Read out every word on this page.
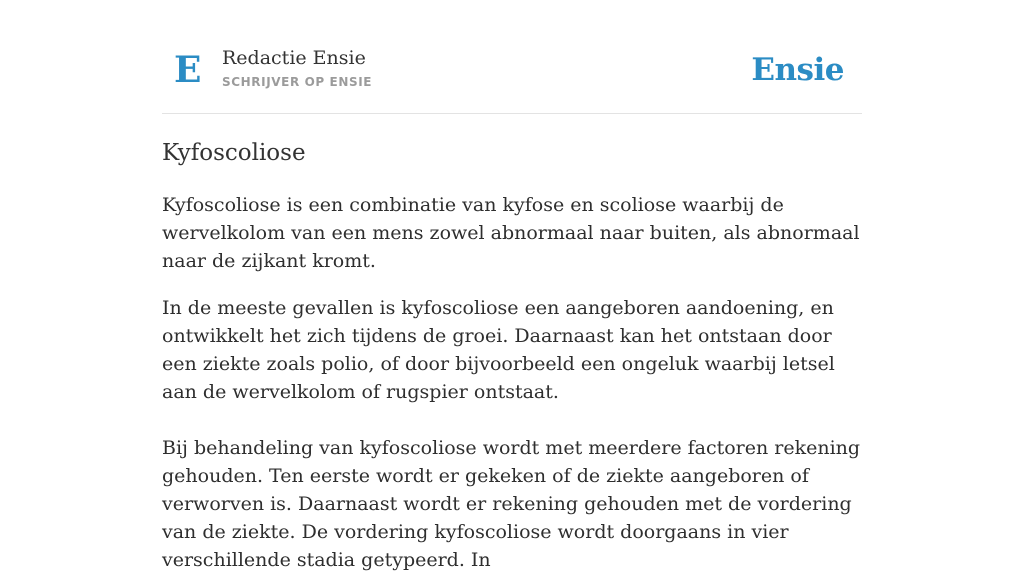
E Redactie Ensie
SCHRIJVER OP ENSIE	Ensie
Kyfoscoliose

Kyfoscoliose is een combinatie van kyfose en scoliose waarbij de wervelkolom van een mens zowel abnormaal naar buiten, als abnormaal naar de zijkant kromt.

In de meeste gevallen is kyfoscoliose een aangeboren aandoening, en ontwikkelt het zich tijdens de groei. Daarnaast kan het ontstaan door een ziekte zoals polio, of door bijvoorbeeld een ongeluk waarbij letsel aan de wervelkolom of rugspier ontstaat.

Bij behandeling van kyfoscoliose wordt met meerdere factoren rekening gehouden. Ten eerste wordt er gekeken of de ziekte aangeboren of verworven is. Daarnaast wordt er rekening gehouden met de vordering van de ziekte. De vordering kyfoscoliose wordt doorgaans in vier verschillende stadia getypeerd. In
